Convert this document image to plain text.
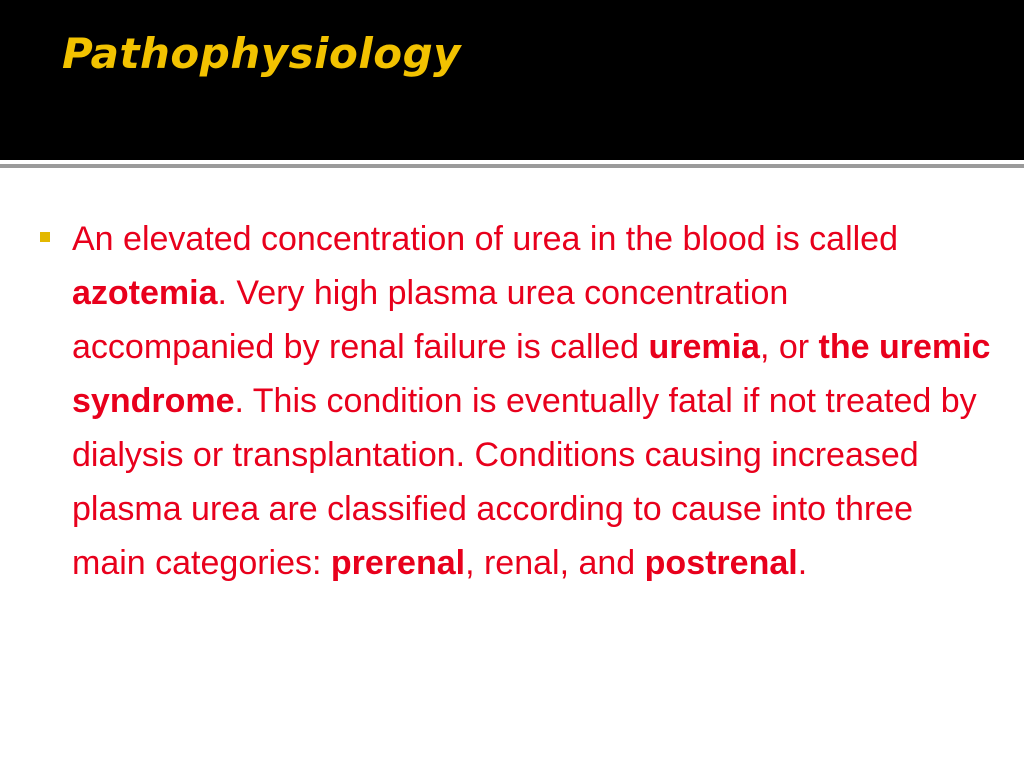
Pathophysiology

An elevated concentration of urea in the blood is called azotemia. Very high plasma urea concentration accompanied by renal failure is called uremia, or the uremic syndrome. This condition is eventually fatal if not treated by dialysis or transplantation. Conditions causing increased plasma urea are classified according to cause into three main categories: prerenal, renal, and postrenal.
